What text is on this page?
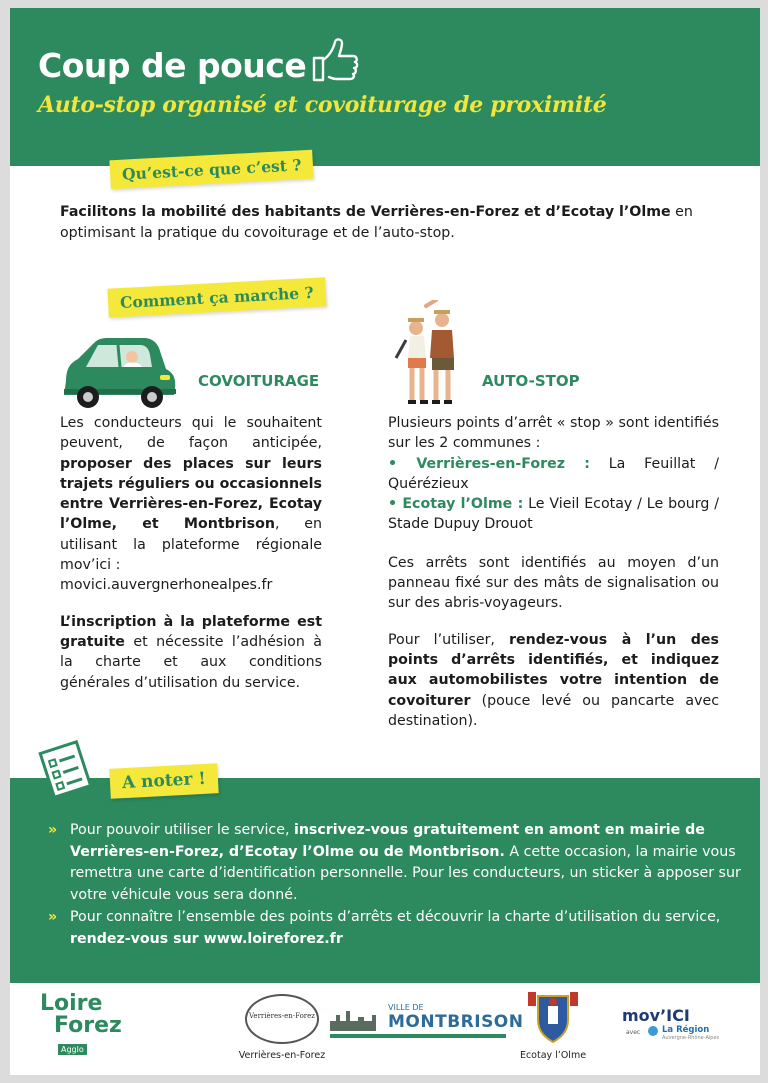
Coup de pouce
Auto-stop organisé et covoiturage de proximité
Qu’est-ce que c’est ?
Facilitons la mobilité des habitants de Verrières-en-Forez et d’Ecotay l’Olme en optimisant la pratique du covoiturage et de l’auto-stop.
Comment ça marche ?
COVOITURAGE	AUTO-STOP

Les conducteurs qui le souhaitent peuvent, de façon anticipée, proposer des places sur leurs trajets réguliers ou occasionnels entre Verrières-en-Forez, Ecotay l’Olme, et Montbrison, en utilisant la plateforme régionale mov’ici :
movici.auvergnerhonealpes.fr

L’inscription à la plateforme est gratuite et nécessite l’adhésion à la charte et aux conditions générales d’utilisation du service.

Plusieurs points d’arrêt « stop » sont identifiés sur les 2 communes :

• Verrières-en-Forez : La Feuillat / Quérézieux

• Ecotay l’Olme : Le Vieil Ecotay / Le bourg / Stade Dupuy Drouot

Ces arrêts sont identifiés au moyen d’un panneau fixé sur des mâts de signalisation ou sur des abris-voyageurs.

Pour l’utiliser, rendez-vous à l’un des points d’arrêts identifiés, et indiquez aux automobilistes votre intention de covoiturer (pouce levé ou pancarte avec destination).

A noter !
» Pour pouvoir utiliser le service, inscrivez-vous gratuitement en amont en mairie de Verrières-en-Forez, d’Ecotay l’Olme ou de Montbrison. A cette occasion, la mairie vous remettra une carte d’identification personnelle. Pour les conducteurs, un sticker à apposer sur votre véhicule vous sera donné.
» Pour connaître l’ensemble des points d’arrêts et découvrir la charte d’utilisation du service, rendez-vous sur www.loireforez.fr
Loire
Forez
Agglo
Verrières-en-Forez
Verrières-en-Forez
VILLE DE
MONTBRISON
Ecotay l’Olme
mov’ICI
avec	La Région
Auvergne-Rhône-Alpes
